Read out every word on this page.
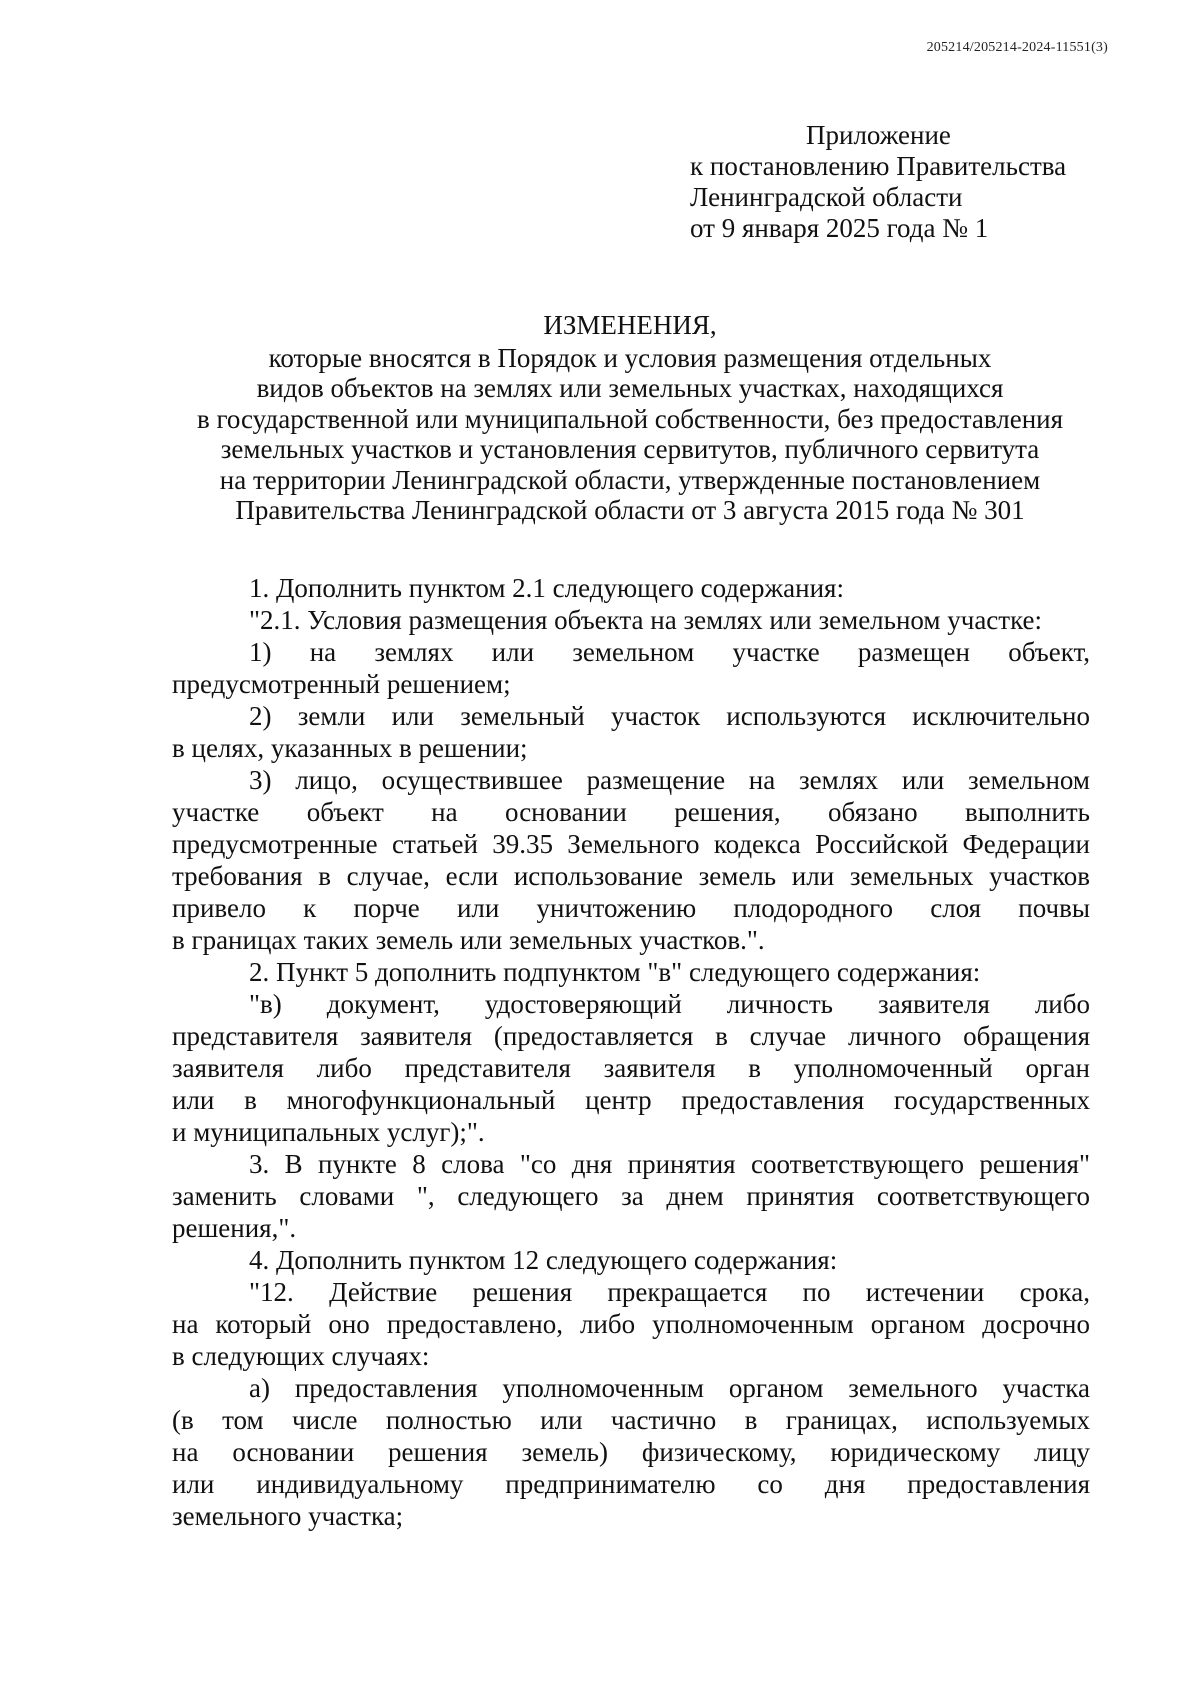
205214/205214-2024-11551(3)
Приложение
к постановлению Правительства
Ленинградской области
от 9 января 2025 года № 1
ИЗМЕНЕНИЯ,
которые вносятся в Порядок и условия размещения отдельных
видов объектов на землях или земельных участках, находящихся
в государственной или муниципальной собственности, без предоставления
земельных участков и установления сервитутов, публичного сервитута
на территории Ленинградской области, утвержденные постановлением
Правительства Ленинградской области от 3 августа 2015 года № 301
1. Дополнить пунктом 2.1 следующего содержания:
"2.1. Условия размещения объекта на землях или земельном участке:
1) на землях или земельном участке размещен объект,
предусмотренный решением;
2) земли или земельный участок используются исключительно
в целях, указанных в решении;
3) лицо, осуществившее размещение на землях или земельном
участке объект на основании решения, обязано выполнить
предусмотренные статьей 39.35 Земельного кодекса Российской Федерации
требования в случае, если использование земель или земельных участков
привело к порче или уничтожению плодородного слоя почвы
в границах таких земель или земельных участков.".
2. Пункт 5 дополнить подпунктом "в" следующего содержания:
"в) документ, удостоверяющий личность заявителя либо
представителя заявителя (предоставляется в случае личного обращения
заявителя либо представителя заявителя в уполномоченный орган
или в многофункциональный центр предоставления государственных
и муниципальных услуг);".
3. В пункте 8 слова "со дня принятия соответствующего решения"
заменить словами ", следующего за днем принятия соответствующего
решения,".
4. Дополнить пунктом 12 следующего содержания:
"12. Действие решения прекращается по истечении срока,
на который оно предоставлено, либо уполномоченным органом досрочно
в следующих случаях:
а) предоставления уполномоченным органом земельного участка
(в том числе полностью или частично в границах, используемых
на основании решения земель) физическому, юридическому лицу
или индивидуальному предпринимателю со дня предоставления
земельного участка;
